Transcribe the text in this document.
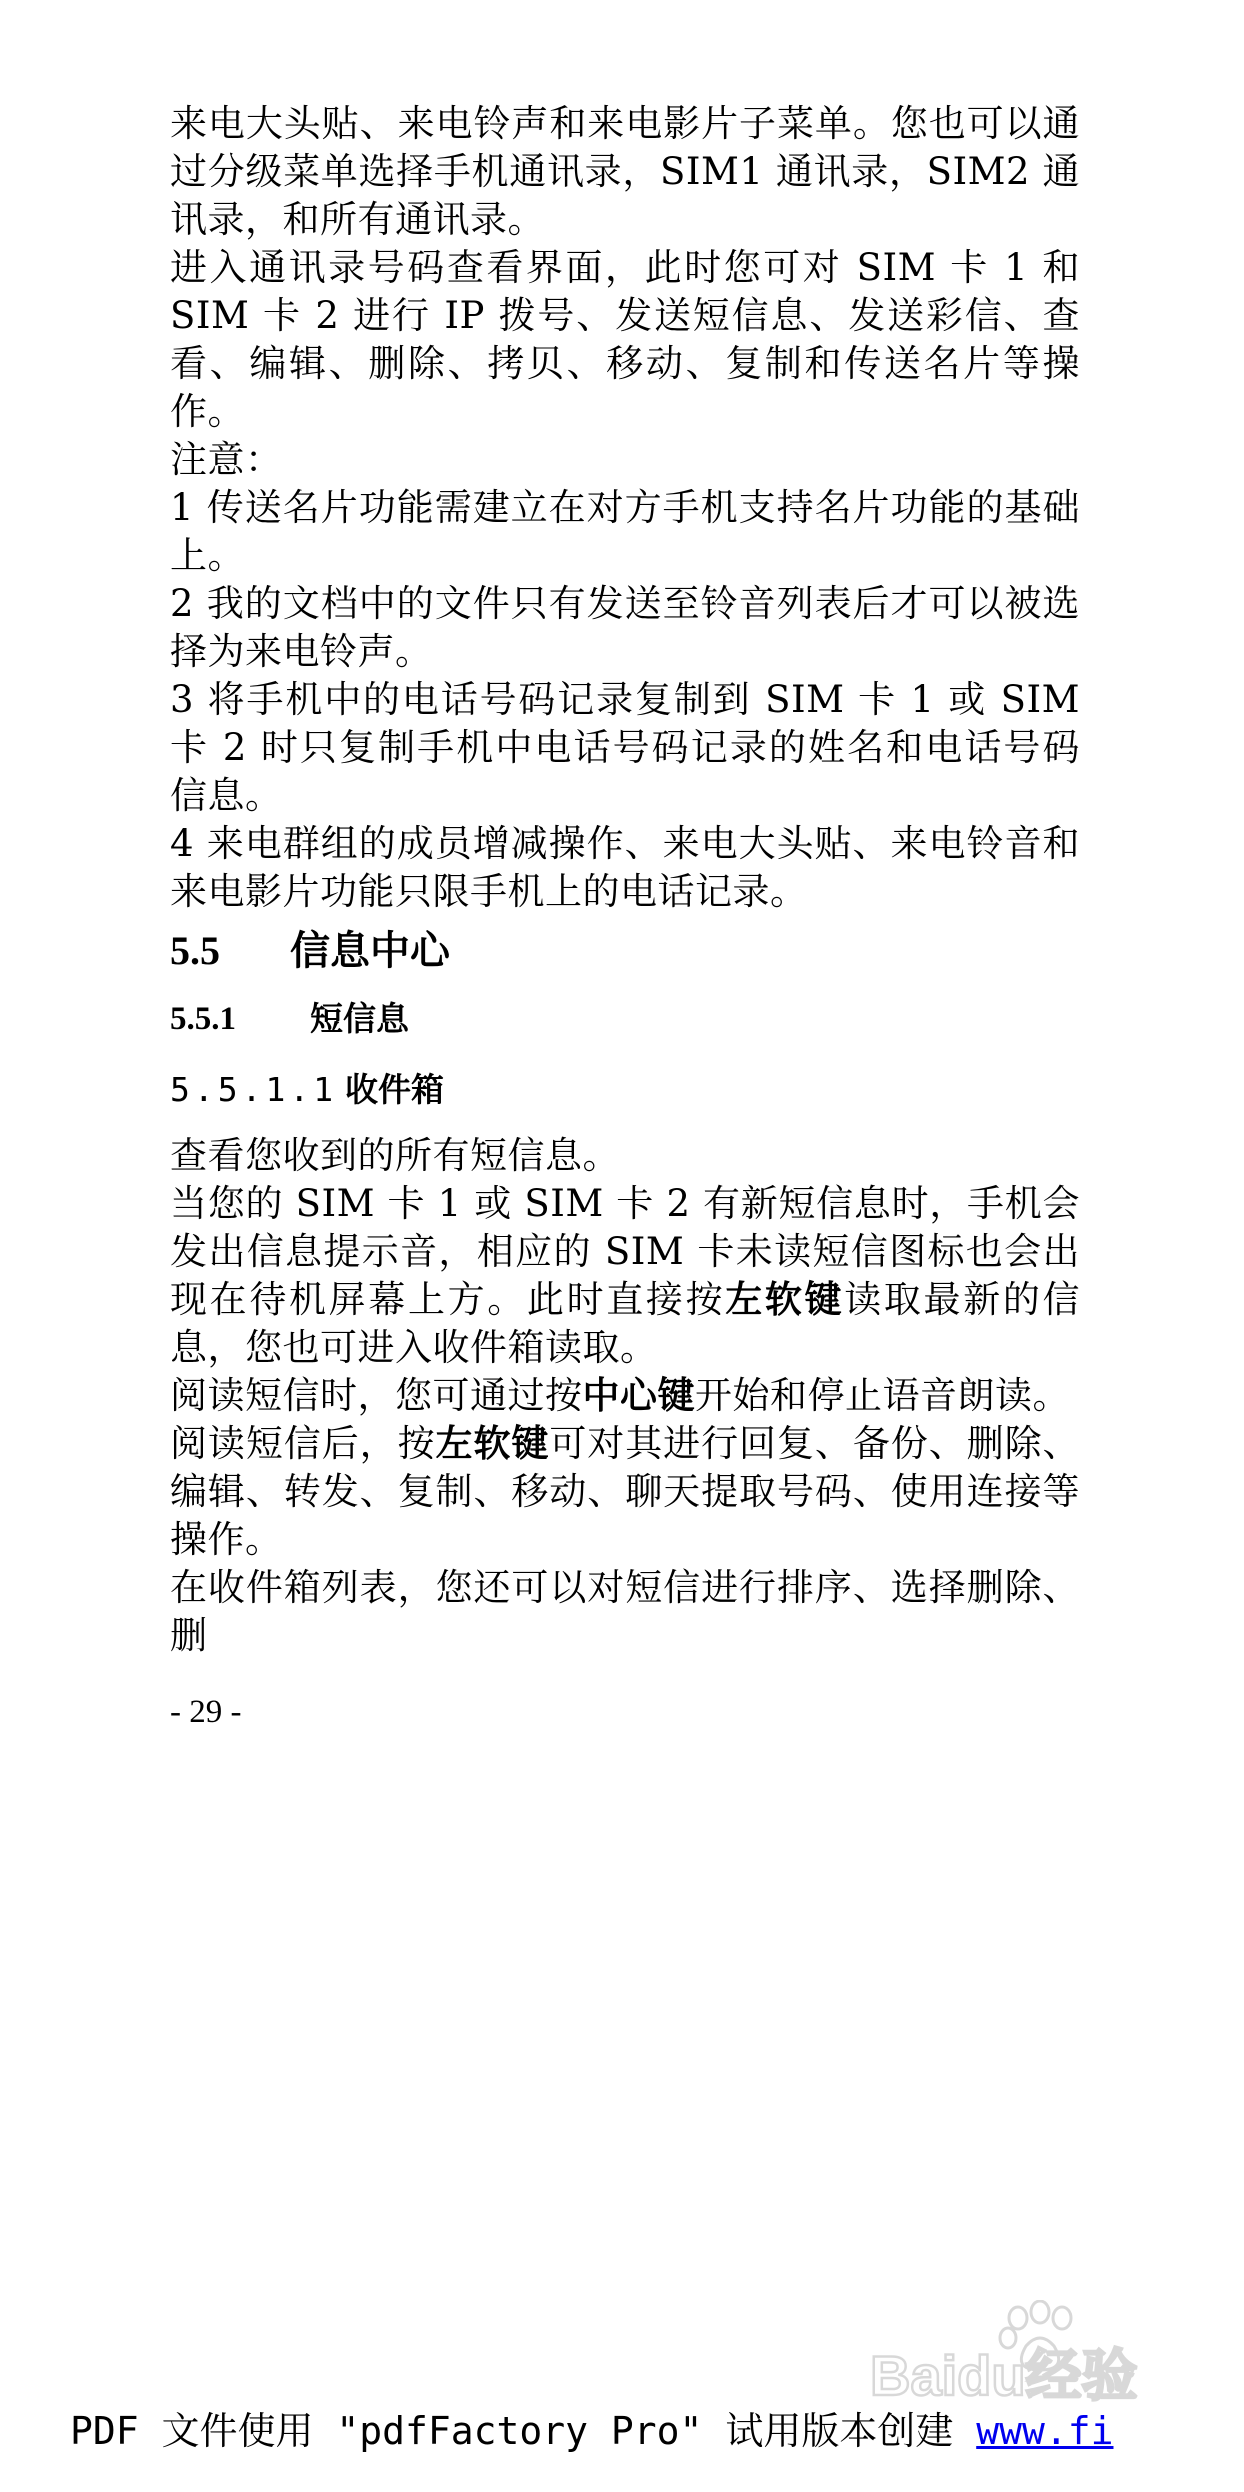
来电大头贴、来电铃声和来电影片子菜单。您也可以通过分级菜单选择手机通讯录，SIM1 通讯录，SIM2 通讯录，和所有通讯录。

进入通讯录号码查看界面，此时您可对 SIM 卡 1 和 SIM 卡 2 进行 IP 拨号、发送短信息、发送彩信、查看、编辑、删除、拷贝、移动、复制和传送名片等操作。

注意：

1 传送名片功能需建立在对方手机支持名片功能的基础上。

2 我的文档中的文件只有发送至铃音列表后才可以被选择为来电铃声。

3 将手机中的电话号码记录复制到 SIM 卡 1 或 SIM 卡 2 时只复制手机中电话号码记录的姓名和电话号码信息。

4 来电群组的成员增减操作、来电大头贴、来电铃音和来电影片功能只限手机上的电话记录。

5.5	信息中心
5.5.1	短信息
5.5.1.1 收件箱

查看您收到的所有短信息。

当您的 SIM 卡 1 或 SIM 卡 2 有新短信息时，手机会发出信息提示音，相应的 SIM 卡未读短信图标也会出现在待机屏幕上方。此时直接按左软键读取最新的信息，您也可进入收件箱读取。

阅读短信时，您可通过按中心键开始和停止语音朗读。

阅读短信后，按左软键可对其进行回复、备份、删除、编辑、转发、复制、移动、聊天提取号码、使用连接等操作。

在收件箱列表，您还可以对短信进行排序、选择删除、删

- 29 -
Baidu经验
PDF 文件使用 "pdfFactory Pro" 试用版本创建 www.fi
